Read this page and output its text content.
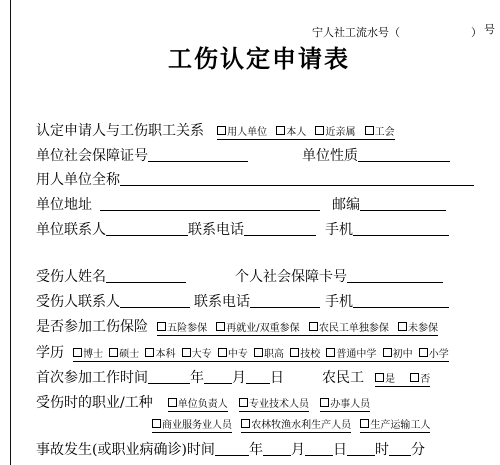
宁人社工流水号（	） 号
工伤认定申请表
认定申请人与工伤职工关系 用人单位 本人 近亲属 工会
单位社会保障证号	单位性质
用人单位全称
单位地址	邮编
单位联系人	联系电话	手机
受伤人姓名	个人社会保障卡号
受伤人联系人	联系电话	手机
是否参加工伤保险 五险参保 再就业/双重参保 农民工单独参保 未参保
学历 博士 硕士 本科 大专 中专 职高 技校 普通中学 初中 小学
首次参加工作时间	年 月 日	农民工 是	否
受伤时的职业/工种	单位负责人 专业技术人员 办事人员
商业服务业人员 农林牧渔水利生产人员 生产运输工人
事故发生(或职业病确诊)时间 年 月 日 时 分
